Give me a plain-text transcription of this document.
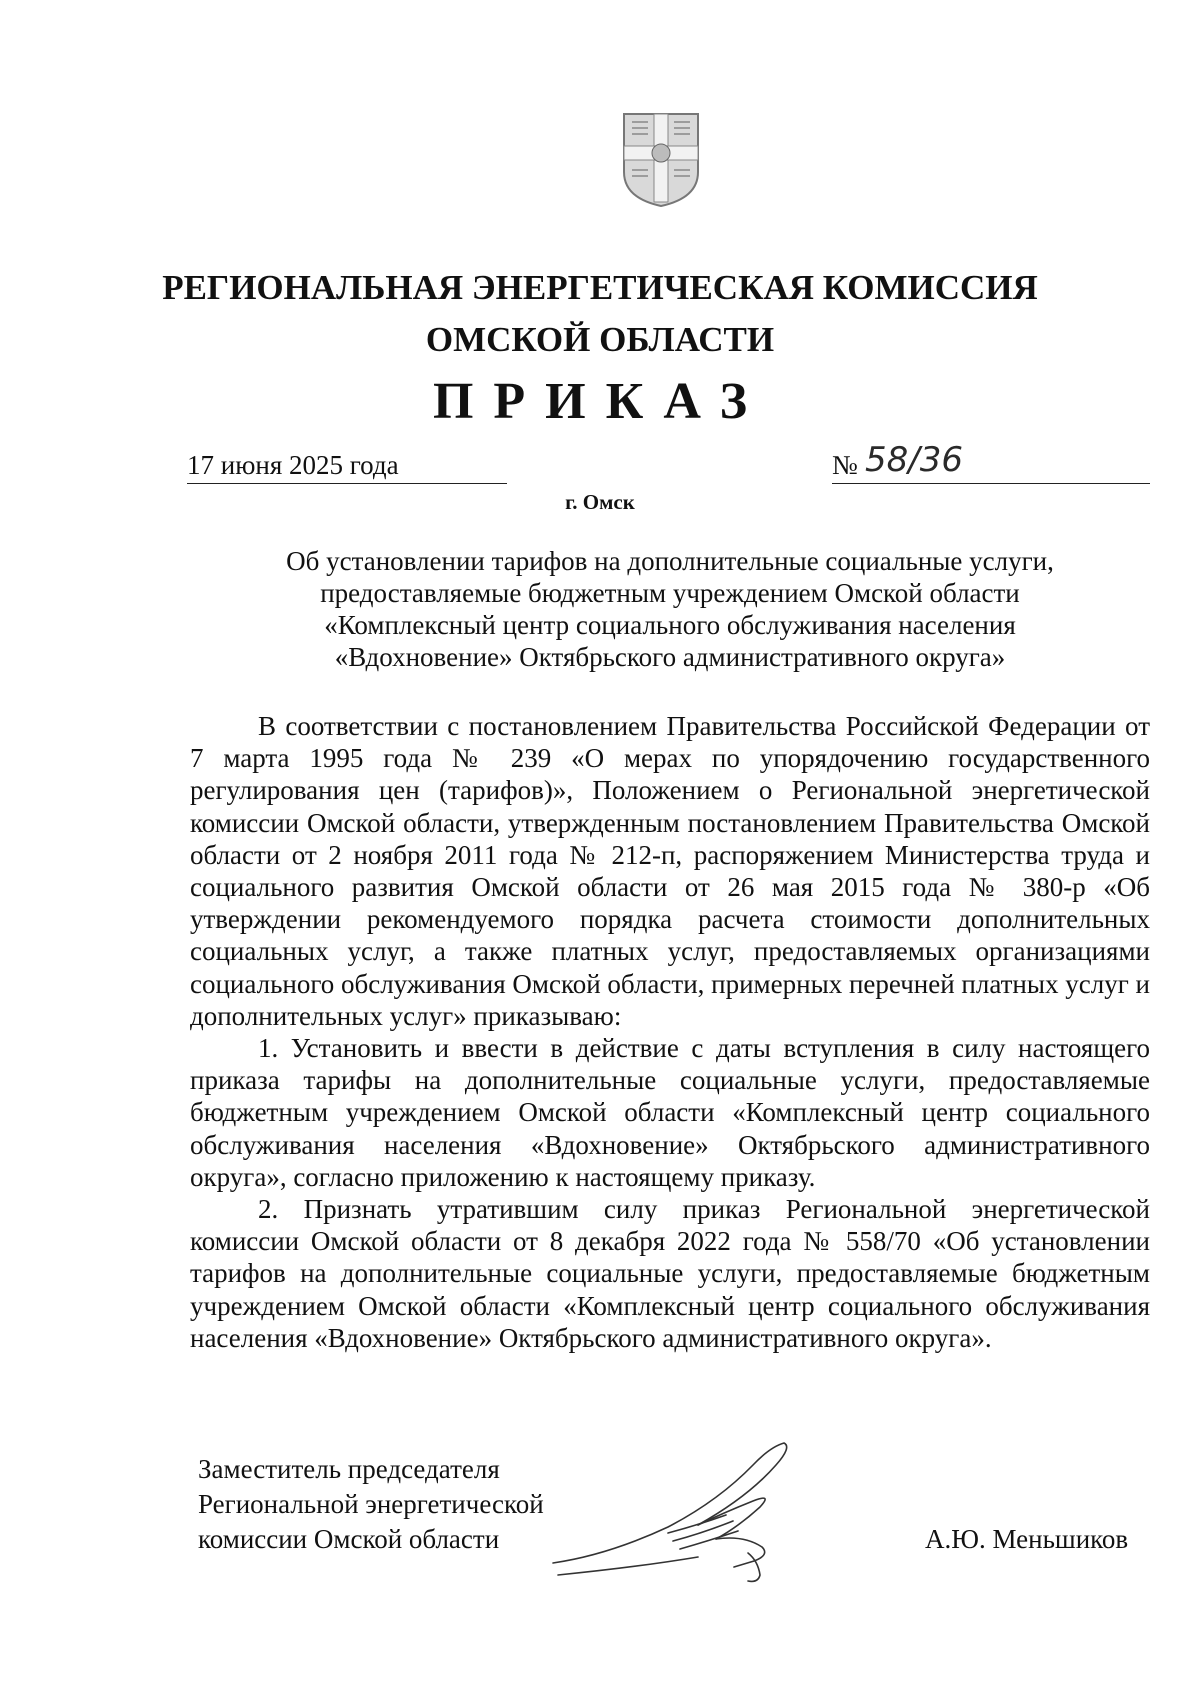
РЕГИОНАЛЬНАЯ ЭНЕРГЕТИЧЕСКАЯ КОМИССИЯ
ОМСКОЙ ОБЛАСТИ
ПРИКАЗ
17 июня 2025 года	№ 58/36
г. Омск
Об установлении тарифов на дополнительные социальные услуги,
предоставляемые бюджетным учреждением Омской области
«Комплексный центр социального обслуживания населения
«Вдохновение» Октябрьского административного округа»

В соответствии с постановлением Правительства Российской Федерации от 7 марта 1995 года № 239 «О мерах по упорядочению государственного регулирования цен (тарифов)», Положением о Региональной энергетической комиссии Омской области, утвержденным постановлением Правительства Омской области от 2 ноября 2011 года № 212-п, распоряжением Министерства труда и социального развития Омской области от 26 мая 2015 года № 380-р «Об утверждении рекомендуемого порядка расчета стоимости дополнительных социальных услуг, а также платных услуг, предоставляемых организациями социального обслуживания Омской области, примерных перечней платных услуг и дополнительных услуг» приказываю:

1. Установить и ввести в действие с даты вступления в силу настоящего приказа тарифы на дополнительные социальные услуги, предоставляемые бюджетным учреждением Омской области «Комплексный центр социального обслуживания населения «Вдохновение» Октябрьского административного округа», согласно приложению к настоящему приказу.

2. Признать утратившим силу приказ Региональной энергетической комиссии Омской области от 8 декабря 2022 года № 558/70 «Об установлении тарифов на дополнительные социальные услуги, предоставляемые бюджетным учреждением Омской области «Комплексный центр социального обслуживания населения «Вдохновение» Октябрьского административного округа».

Заместитель председателя
Региональной энергетической
комиссии Омской области	А.Ю. Меньшиков
